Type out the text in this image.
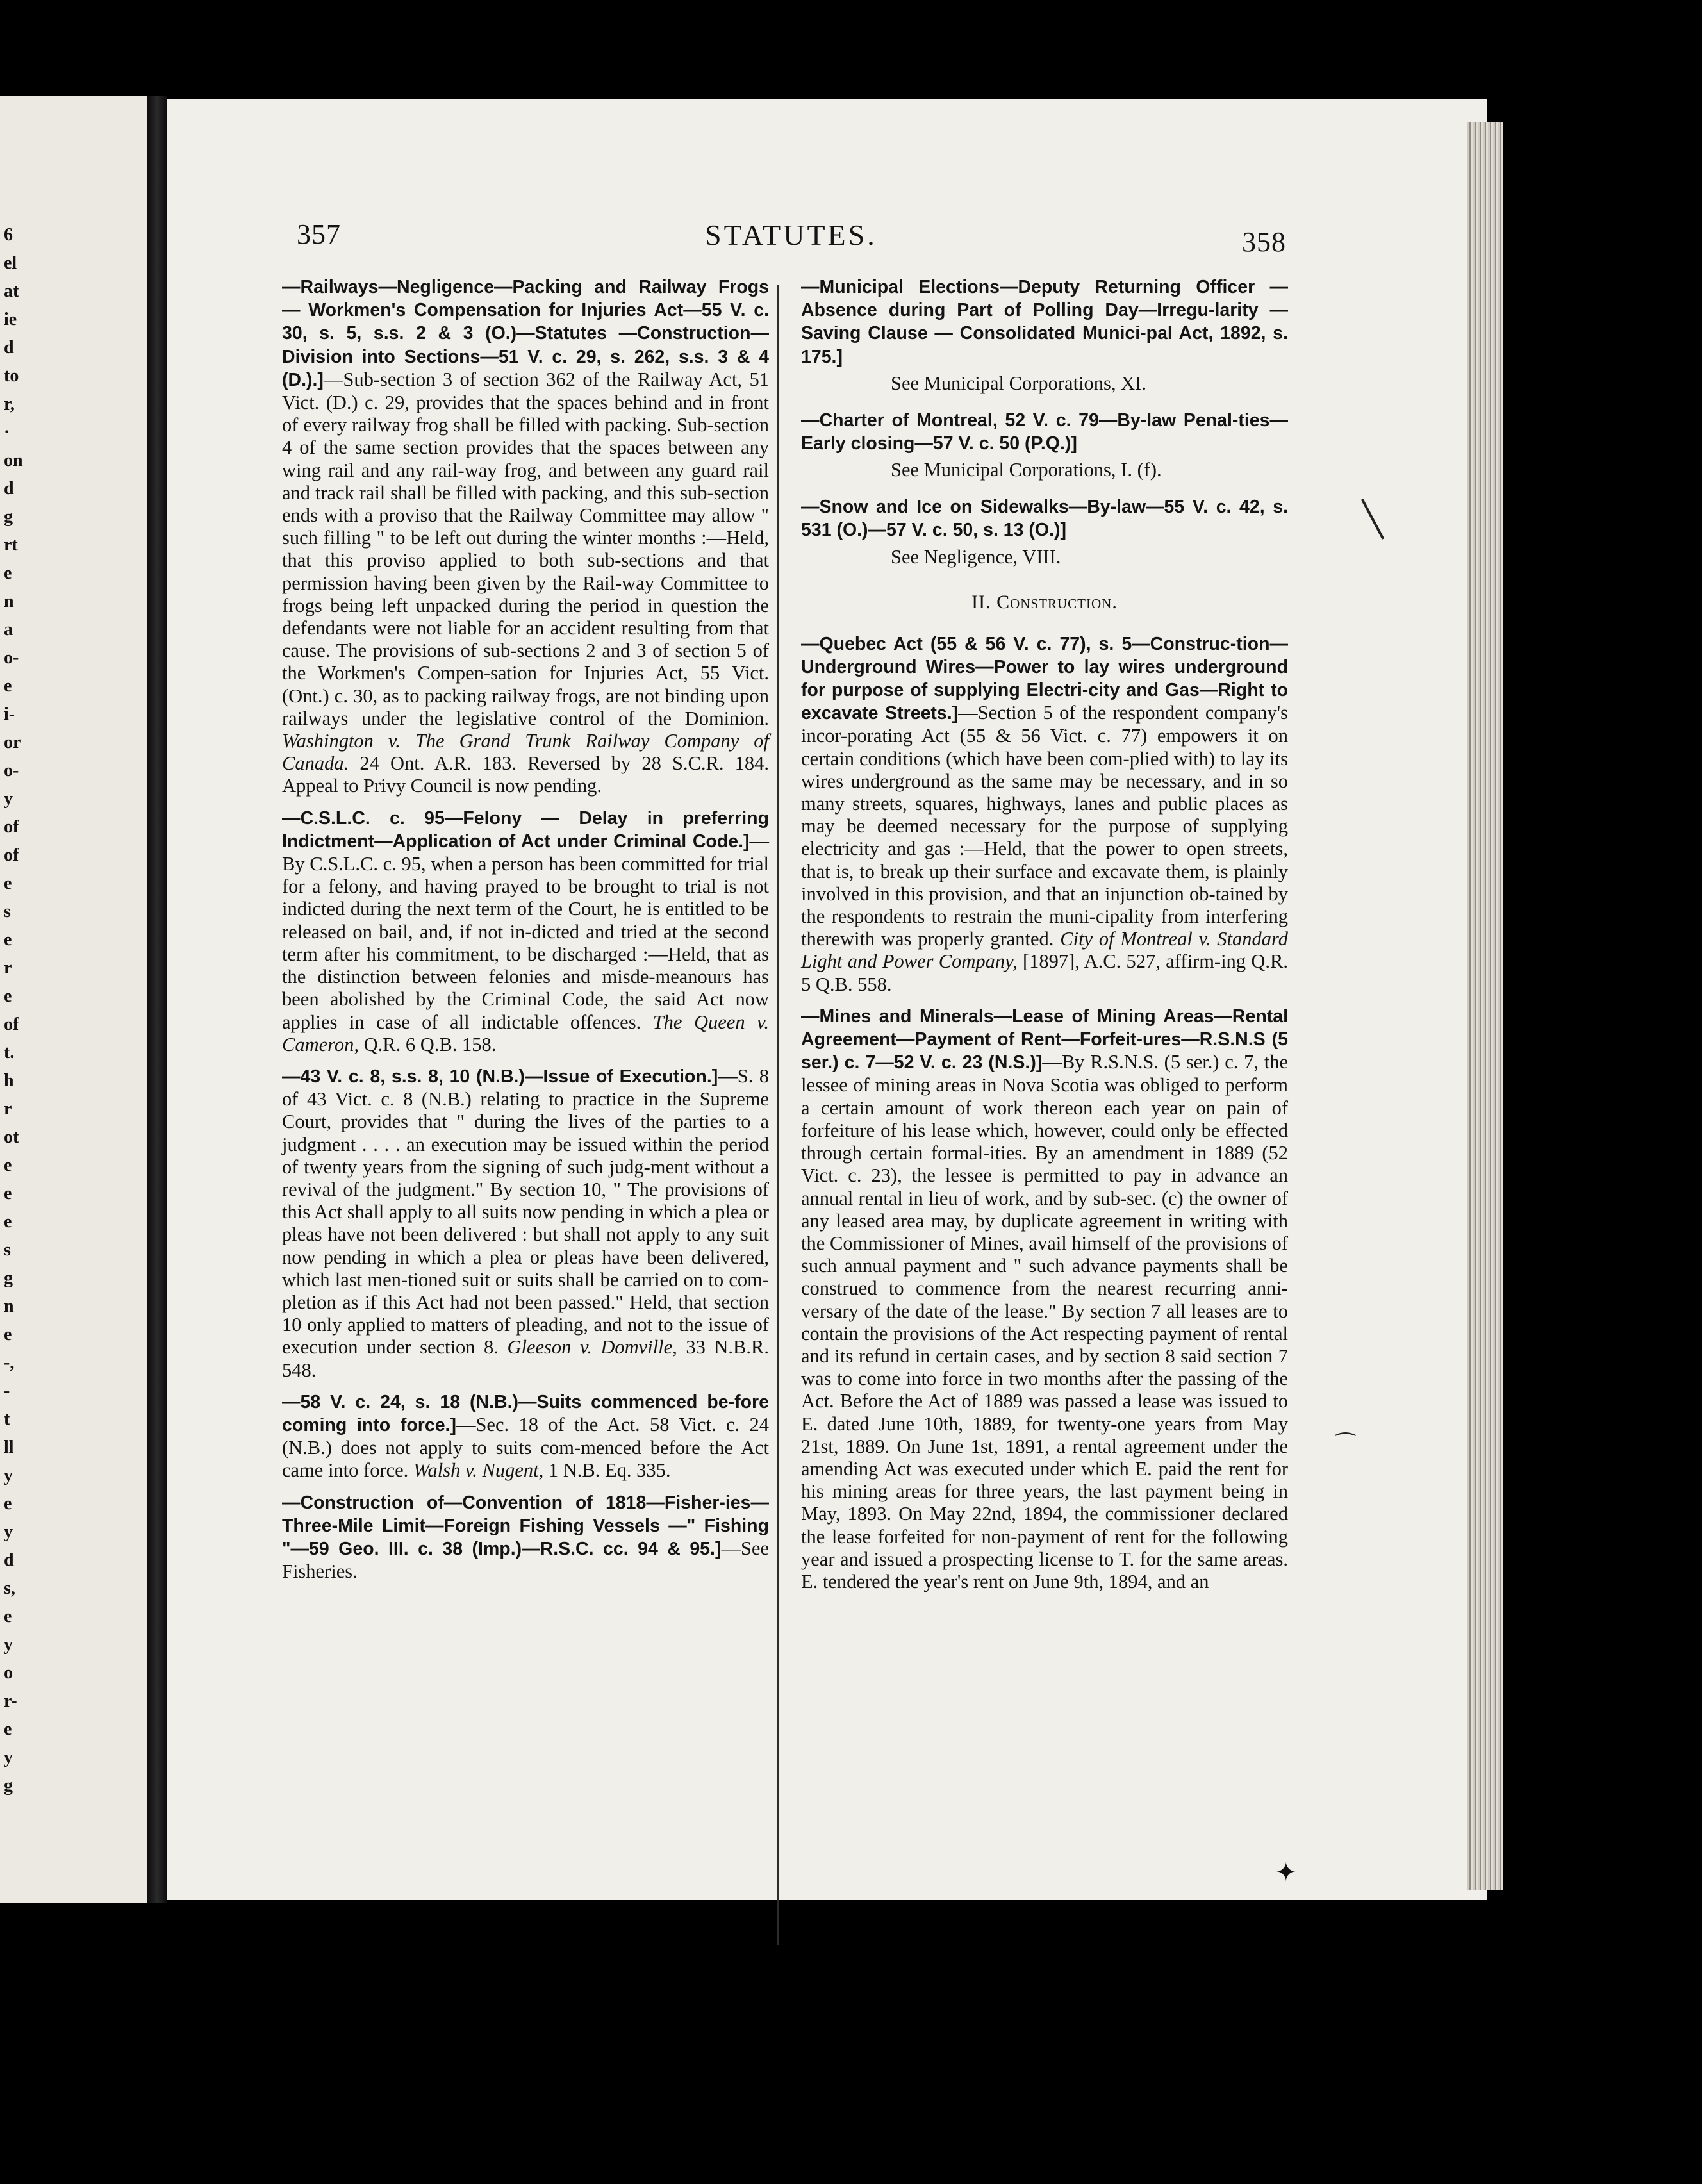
6
el
at
ie
d
to
r,
·
on
d
g
rt
e
n
a
o-
e
i-
or
o-
y
of
of
e
s
e
r
e
of
t.
h
r
ot
e
e
e
s
g
n
e
-,
-
t
ll
y
e
y
d
s,
e
y
o
r-
e
y
g
357	STATUTES.	358

—Railways—Negligence—Packing and Railway Frogs — Workmen's Compensation for Injuries Act—55 V. c. 30, s. 5, s.s. 2 & 3 (O.)—Statutes —Construction—Division into Sections—51 V. c. 29, s. 262, s.s. 3 & 4 (D.).]—Sub-section 3 of section 362 of the Railway Act, 51 Vict. (D.) c. 29, provides that the spaces behind and in front of every railway frog shall be filled with packing. Sub-section 4 of the same section provides that the spaces between any wing rail and any rail-way frog, and between any guard rail and track rail shall be filled with packing, and this sub-section ends with a proviso that the Railway Committee may allow " such filling " to be left out during the winter months :—Held, that this proviso applied to both sub-sections and that permission having been given by the Rail-way Committee to frogs being left unpacked during the period in question the defendants were not liable for an accident resulting from that cause. The provisions of sub-sections 2 and 3 of section 5 of the Workmen's Compen-sation for Injuries Act, 55 Vict. (Ont.) c. 30, as to packing railway frogs, are not binding upon railways under the legislative control of the Dominion. Washington v. The Grand Trunk Railway Company of Canada. 24 Ont. A.R. 183. Reversed by 28 S.C.R. 184. Appeal to Privy Council is now pending.

—C.S.L.C. c. 95—Felony — Delay in preferring Indictment—Application of Act under Criminal Code.]—By C.S.L.C. c. 95, when a person has been committed for trial for a felony, and having prayed to be brought to trial is not indicted during the next term of the Court, he is entitled to be released on bail, and, if not in-dicted and tried at the second term after his commitment, to be discharged :—Held, that as the distinction between felonies and misde-meanours has been abolished by the Criminal Code, the said Act now applies in case of all indictable offences. The Queen v. Cameron, Q.R. 6 Q.B. 158.

—43 V. c. 8, s.s. 8, 10 (N.B.)—Issue of Execution.]—S. 8 of 43 Vict. c. 8 (N.B.) relating to practice in the Supreme Court, provides that " during the lives of the parties to a judgment . . . . an execution may be issued within the period of twenty years from the signing of such judg-ment without a revival of the judgment." By section 10, " The provisions of this Act shall apply to all suits now pending in which a plea or pleas have not been delivered : but shall not apply to any suit now pending in which a plea or pleas have been delivered, which last men-tioned suit or suits shall be carried on to com-pletion as if this Act had not been passed." Held, that section 10 only applied to matters of pleading, and not to the issue of execution under section 8. Gleeson v. Domville, 33 N.B.R. 548.

—58 V. c. 24, s. 18 (N.B.)—Suits commenced be-fore coming into force.]—Sec. 18 of the Act. 58 Vict. c. 24 (N.B.) does not apply to suits com-menced before the Act came into force. Walsh v. Nugent, 1 N.B. Eq. 335.

—Construction of—Convention of 1818—Fisher-ies—Three-Mile Limit—Foreign Fishing Vessels —" Fishing "—59 Geo. III. c. 38 (Imp.)—R.S.C. cc. 94 & 95.]—See Fisheries.

—Municipal Elections—Deputy Returning Officer —Absence during Part of Polling Day—Irregu-larity — Saving Clause — Consolidated Munici-pal Act, 1892, s. 175.]

See Municipal Corporations, XI.

—Charter of Montreal, 52 V. c. 79—By-law Penal-ties—Early closing—57 V. c. 50 (P.Q.)]

See Municipal Corporations, I. (f).

—Snow and Ice on Sidewalks—By-law—55 V. c. 42, s. 531 (O.)—57 V. c. 50, s. 13 (O.)]

See Negligence, VIII.

II. Construction.

—Quebec Act (55 & 56 V. c. 77), s. 5—Construc-tion—Underground Wires—Power to lay wires underground for purpose of supplying Electri-city and Gas—Right to excavate Streets.]—Section 5 of the respondent company's incor-porating Act (55 & 56 Vict. c. 77) empowers it on certain conditions (which have been com-plied with) to lay its wires underground as the same may be necessary, and in so many streets, squares, highways, lanes and public places as may be deemed necessary for the purpose of supplying electricity and gas :—Held, that the power to open streets, that is, to break up their surface and excavate them, is plainly involved in this provision, and that an injunction ob-tained by the respondents to restrain the muni-cipality from interfering therewith was properly granted. City of Montreal v. Standard Light and Power Company, [1897], A.C. 527, affirm-ing Q.R. 5 Q.B. 558.

—Mines and Minerals—Lease of Mining Areas—Rental Agreement—Payment of Rent—Forfeit-ures—R.S.N.S (5 ser.) c. 7—52 V. c. 23 (N.S.)]—By R.S.N.S. (5 ser.) c. 7, the lessee of mining areas in Nova Scotia was obliged to perform a certain amount of work thereon each year on pain of forfeiture of his lease which, however, could only be effected through certain formal-ities. By an amendment in 1889 (52 Vict. c. 23), the lessee is permitted to pay in advance an annual rental in lieu of work, and by sub-sec. (c) the owner of any leased area may, by duplicate agreement in writing with the Commissioner of Mines, avail himself of the provisions of such annual payment and " such advance payments shall be construed to commence from the nearest recurring anni-versary of the date of the lease." By section 7 all leases are to contain the provisions of the Act respecting payment of rental and its refund in certain cases, and by section 8 said section 7 was to come into force in two months after the passing of the Act. Before the Act of 1889 was passed a lease was issued to E. dated June 10th, 1889, for twenty-one years from May 21st, 1889. On June 1st, 1891, a rental agreement under the amending Act was executed under which E. paid the rent for his mining areas for three years, the last payment being in May, 1893. On May 22nd, 1894, the commissioner declared the lease forfeited for non-payment of rent for the following year and issued a prospecting license to T. for the same areas. E. tendered the year's rent on June 9th, 1894, and an

⁀
✦
